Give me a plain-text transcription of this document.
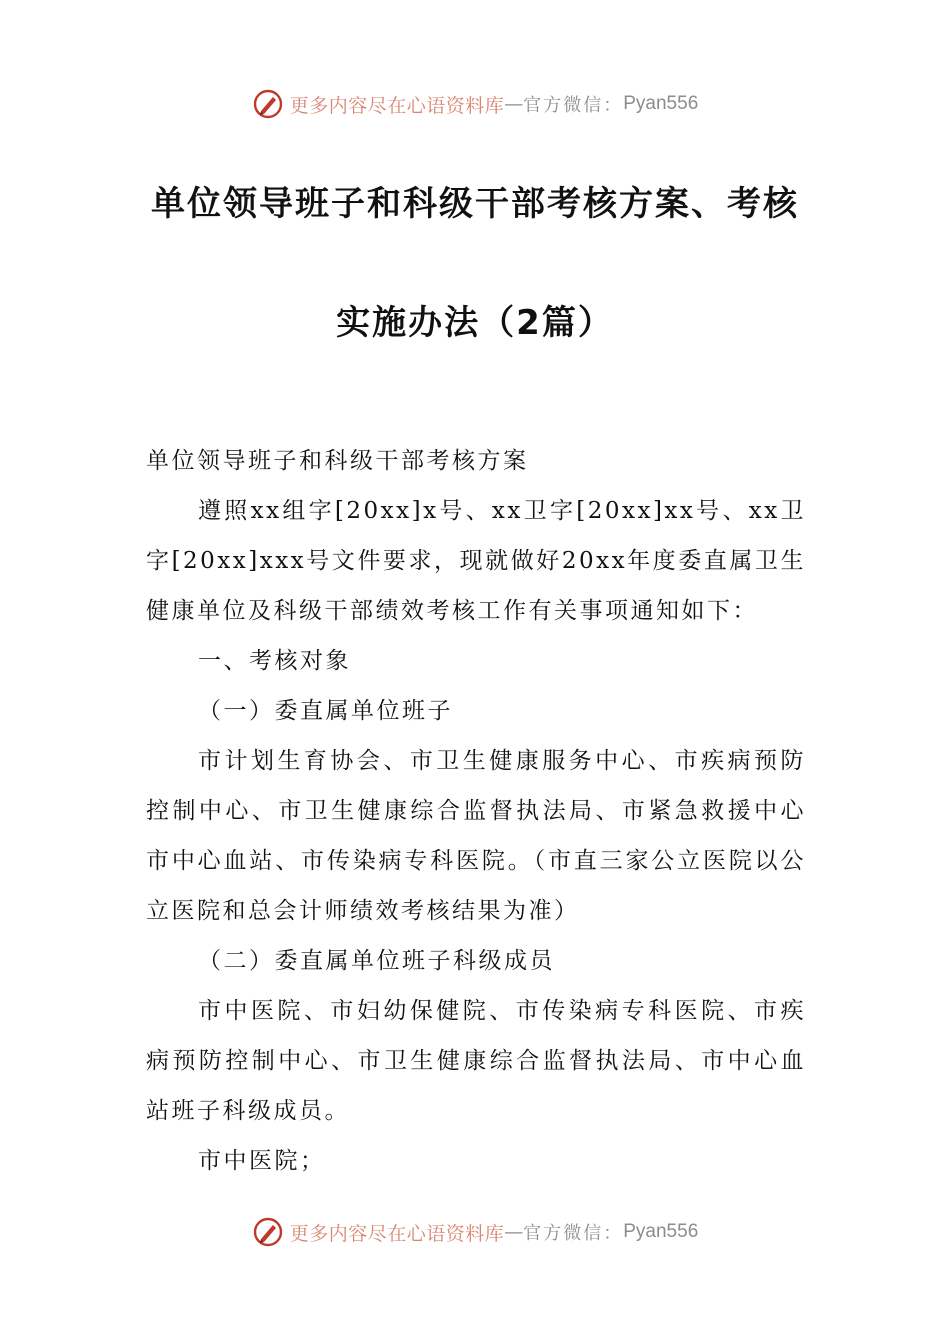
更多内容尽在心语资料库 — 官方微信： Pyan556
单位领导班子和科级干部考核方案、考核
实施办法（2篇）

单位领导班子和科级干部考核方案

遵照xx组字[20xx]x号、xx卫字[20xx]xx号、xx卫字[20xx]xxx号文件要求，现就做好20xx年度委直属卫生健康单位及科级干部绩效考核工作有关事项通知如下：

一、考核对象

（一）委直属单位班子

市计划生育协会、市卫生健康服务中心、市疾病预防控制中心、市卫生健康综合监督执法局、市紧急救援中心市中心血站、市传染病专科医院。（市直三家公立医院以公立医院和总会计师绩效考核结果为准）

（二）委直属单位班子科级成员

市中医院、市妇幼保健院、市传染病专科医院、市疾病预防控制中心、市卫生健康综合监督执法局、市中心血站班子科级成员。

市中医院；

更多内容尽在心语资料库 — 官方微信： Pyan556
